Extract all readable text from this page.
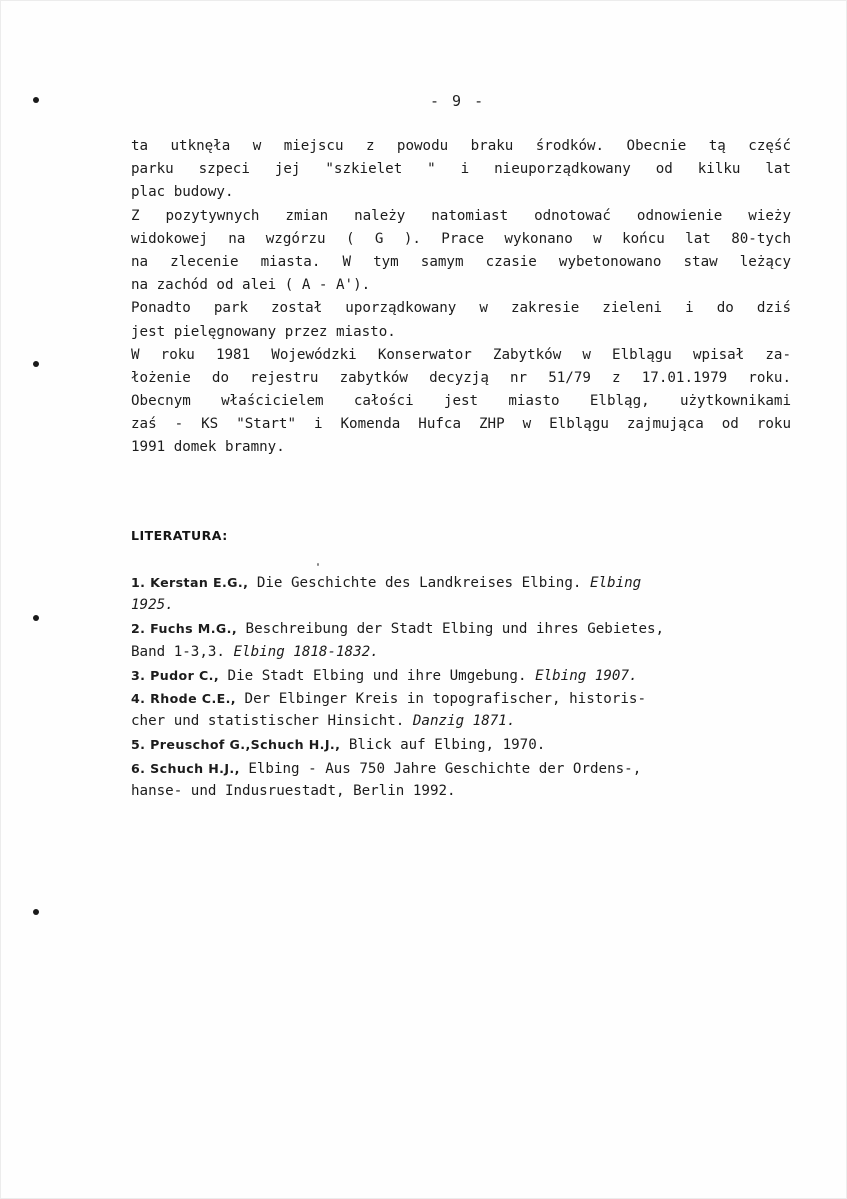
- 9 -
ta utknęła w miejscu z powodu braku środków. Obecnie tą część
parku szpeci jej "szkielet " i nieuporządkowany od kilku lat
plac budowy.
Z pozytywnych zmian należy natomiast odnotować odnowienie wieży
widokowej na wzgórzu ( G ). Prace wykonano w końcu lat 80-tych
na zlecenie miasta. W tym samym czasie wybetonowano staw leżący
na zachód od alei ( A - A').
Ponadto park został uporządkowany w zakresie zieleni i do dziś
jest pielęgnowany przez miasto.
W roku 1981 Wojewódzki Konserwator Zabytków w Elblągu wpisał za-
łożenie do rejestru zabytków decyzją nr 51/79 z 17.01.1979 roku.
Obecnym właścicielem całości jest miasto Elbląg, użytkownikami
zaś - KS "Start" i Komenda Hufca ZHP w Elblągu zajmująca od roku
1991 domek bramny.
LITERATURA:
1. Kerstan E.G., Die Geschichte des Landkreises Elbing. Elbing
1925.
2. Fuchs M.G., Beschreibung der Stadt Elbing und ihres Gebietes,
Band 1-3,3. Elbing 1818-1832.
3. Pudor C., Die Stadt Elbing und ihre Umgebung. Elbing 1907.
4. Rhode C.E., Der Elbinger Kreis in topografischer, historis-
cher und statistischer Hinsicht. Danzig 1871.
5. Preuschof G.,Schuch H.J., Blick auf Elbing, 1970.
6. Schuch H.J., Elbing - Aus 750 Jahre Geschichte der Ordens-,
hanse- und Indusruestadt, Berlin 1992.
